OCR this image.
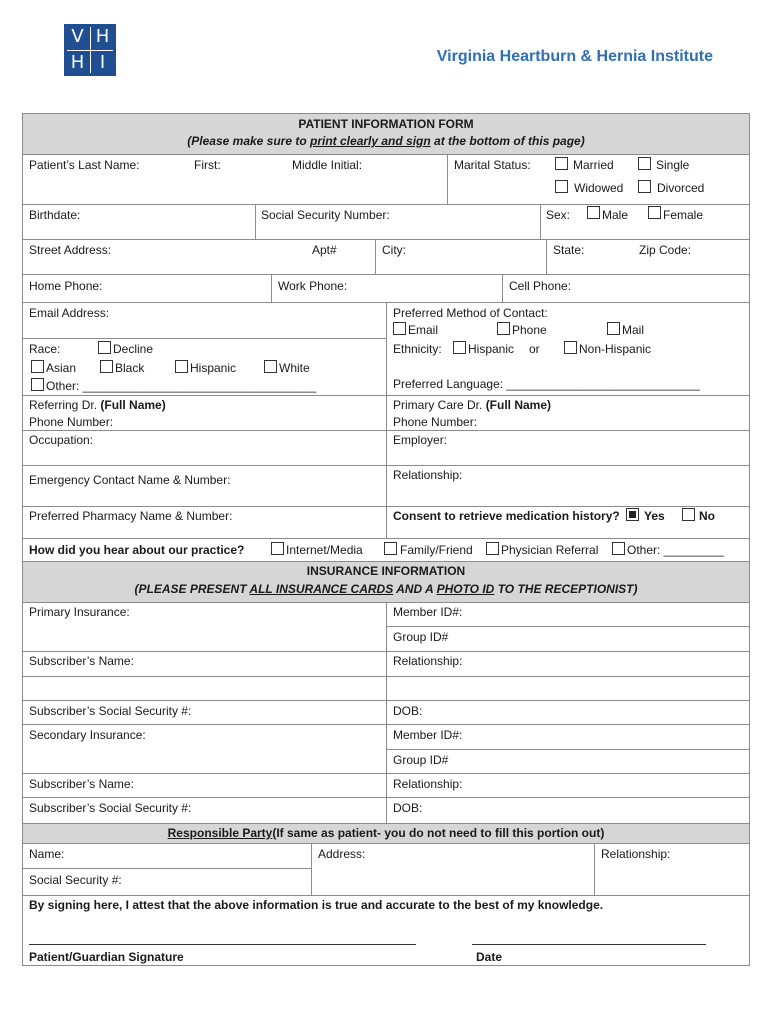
V H
H I	Virginia Heartburn & Hernia Institute
PATIENT INFORMATION FORM
(Please make sure to print clearly and sign at the bottom of this page)
Patient’s Last Name:	First:	Middle Initial:	Marital Status:	Married	Single
Widowed	Divorced
Birthdate:	Social Security Number:	Sex:	Male	Female
Street Address:	Apt#	City:	State:	Zip Code:
Home Phone:	Work Phone:	Cell Phone:
Email Address:	Preferred Method of Contact:
Email	Phone	Mail
Race:	Decline
Asian	Black	Hispanic	White
Other: ___________________________________
Ethnicity: Hispanic or	Non-Hispanic
Preferred Language: _____________________________
Referring Dr. (Full Name)
Phone Number:
Primary Care Dr. (Full Name)
Phone Number:
Occupation:	Employer:
Emergency Contact Name & Number:	Relationship:
Preferred Pharmacy Name & Number:	Consent to retrieve medication history? Yes	No
How did you hear about our practice?	Internet/Media	Family/Friend Physician Referral Other: _________
INSURANCE INFORMATION
(PLEASE PRESENT ALL INSURANCE CARDS AND A PHOTO ID TO THE RECEPTIONIST)
Primary Insurance:	Member ID#:
Group ID#
Subscriber’s Name:	Relationship:
Subscriber’s Social Security #:	DOB:
Secondary Insurance:	Member ID#:
Group ID#
Subscriber’s Name:	Relationship:
Subscriber’s Social Security #:	DOB:
Responsible Party(If same as patient- you do not need to fill this portion out)
Name:	Address:	Relationship:
Social Security #:
By signing here, I attest that the above information is true and accurate to the best of my knowledge.
Patient/Guardian Signature	Date
